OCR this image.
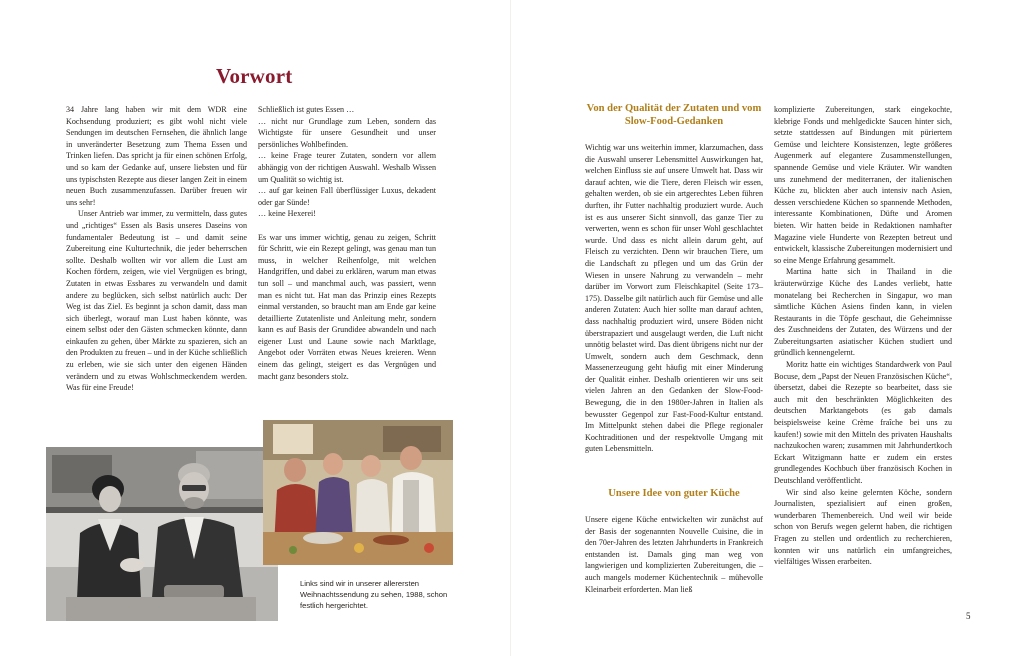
Vorwort

34 Jahre lang haben wir mit dem WDR eine Kochsendung produziert; es gibt wohl nicht viele Sendungen im deutschen Fernsehen, die ähnlich lange in unveränderter Besetzung zum Thema Essen und Trinken liefen. Das spricht ja für einen schönen Erfolg, und so kam der Gedanke auf, unsere liebsten und für uns typischsten Rezepte aus dieser langen Zeit in einem neuen Buch zusammenzufassen. Darüber freuen wir uns sehr!

Unser Antrieb war immer, zu vermitteln, dass gutes und „richtiges“ Essen als Basis unseres Daseins von fundamentaler Bedeutung ist – und damit seine Zubereitung eine Kulturtechnik, die jeder beherrschen sollte. Deshalb wollten wir vor allem die Lust am Kochen fördern, zeigen, wie viel Vergnügen es bringt, Zutaten in etwas Essbares zu verwandeln und damit andere zu beglücken, sich selbst natürlich auch: Der Weg ist das Ziel. Es beginnt ja schon damit, dass man sich überlegt, worauf man Lust haben könnte, was einem selbst oder den Gästen schmecken könnte, dann einkaufen zu gehen, über Märkte zu spazieren, sich an den Produkten zu freuen – und in der Küche schließlich zu erleben, wie sie sich unter den eigenen Händen verändern und zu etwas Wohlschmeckendem werden. Was für eine Freude!

Schließlich ist gutes Essen …

… nicht nur Grundlage zum Leben, sondern das Wichtigste für unsere Gesundheit und unser persönliches Wohlbefinden.

… keine Frage teurer Zutaten, sondern vor allem abhängig von der richtigen Auswahl. Weshalb Wissen um Qualität so wichtig ist.

… auf gar keinen Fall überflüssiger Luxus, dekadent oder gar Sünde!

… keine Hexerei!

Es war uns immer wichtig, genau zu zeigen, Schritt für Schritt, wie ein Rezept gelingt, was genau man tun muss, in welcher Reihenfolge, mit welchen Handgriffen, und dabei zu erklären, warum man etwas tun soll – und manchmal auch, was passiert, wenn man es nicht tut. Hat man das Prinzip eines Rezepts einmal verstanden, so braucht man am Ende gar keine detaillierte Zutatenliste und Anleitung mehr, sondern kann es auf Basis der Grundidee abwandeln und nach eigener Lust und Laune sowie nach Marktlage, Angebot oder Vorräten etwas Neues kreieren. Wenn einem das gelingt, steigert es das Vergnügen und macht ganz besonders stolz.

Links sind wir in unserer allerersten Weihnachtssendung zu sehen, 1988, schon festlich hergerichtet.
Von der Qualität der Zutaten und vom Slow-Food-Gedanken

Wichtig war uns weiterhin immer, klarzumachen, dass die Auswahl unserer Lebensmittel Auswirkungen hat, welchen Einfluss sie auf unsere Umwelt hat. Dass wir darauf achten, wie die Tiere, deren Fleisch wir essen, gehalten werden, ob sie ein artgerechtes Leben führen durften, ihr Futter nachhaltig produziert wurde. Auch ist es aus unserer Sicht sinnvoll, das ganze Tier zu verwerten, wenn es schon für unser Wohl geschlachtet wurde. Und dass es nicht allein darum geht, auf Fleisch zu verzichten. Denn wir brauchen Tiere, um die Landschaft zu pflegen und um das Grün der Wiesen in unsere Nahrung zu verwandeln – mehr darüber im Vorwort zum Fleischkapitel (Seite 173–175). Dasselbe gilt natürlich auch für Gemüse und alle anderen Zutaten: Auch hier sollte man darauf achten, dass nachhaltig produziert wird, unsere Böden nicht überstrapaziert und ausgelaugt werden, die Luft nicht unnötig belastet wird. Das dient übrigens nicht nur der Umwelt, sondern auch dem Geschmack, denn Massenerzeugung geht häufig mit einer Minderung der Qualität einher. Deshalb orientieren wir uns seit vielen Jahren an den Gedanken der Slow-Food-Bewegung, die in den 1980er-Jahren in Italien als bewusster Gegenpol zur Fast-Food-Kultur entstand. Im Mittelpunkt stehen dabei die Pflege regionaler Kochtraditionen und der respektvolle Umgang mit guten Lebensmitteln.

Unsere Idee von guter Küche

Unsere eigene Küche entwickelten wir zunächst auf der Basis der sogenannten Nouvelle Cuisine, die in den 70er-Jahren des letzten Jahrhunderts in Frankreich entstanden ist. Damals ging man weg von langwierigen und komplizierten Zubereitungen, die – auch mangels moderner Küchentechnik – mühevolle Kleinarbeit erforderten. Man ließ

komplizierte Zubereitungen, stark eingekochte, klebrige Fonds und mehlgedickte Saucen hinter sich, setzte stattdessen auf Bindungen mit püriertem Gemüse und leichtere Konsistenzen, legte größeres Augenmerk auf elegantere Zusammenstellungen, spannende Gemüse und viele Kräuter. Wir wandten uns zunehmend der mediterranen, der italienischen Küche zu, blickten aber auch intensiv nach Asien, dessen verschiedene Küchen so spannende Methoden, interessante Kombinationen, Düfte und Aromen bieten. Wir hatten beide in Redaktionen namhafter Magazine viele Hunderte von Rezepten betreut und entwickelt, klassische Zubereitungen modernisiert und so eine Menge Erfahrung gesammelt.

Martina hatte sich in Thailand in die kräuterwürzige Küche des Landes verliebt, hatte monatelang bei Recherchen in Singapur, wo man sämtliche Küchen Asiens finden kann, in vielen Restaurants in die Töpfe geschaut, die Geheimnisse des Zuschneidens der Zutaten, des Würzens und der Zubereitungsarten asiatischer Küchen studiert und gründlich kennengelernt.

Moritz hatte ein wichtiges Standardwerk von Paul Bocuse, dem „Papst der Neuen Französischen Küche“, übersetzt, dabei die Rezepte so bearbeitet, dass sie auch mit den beschränkten Möglichkeiten des deutschen Marktangebots (es gab damals beispielsweise keine Crème fraîche bei uns zu kaufen!) sowie mit den Mitteln des privaten Haushalts nachzukochen waren; zusammen mit Jahrhundertkoch Eckart Witzigmann hatte er zudem ein erstes grundlegendes Kochbuch über französisch Kochen in Deutschland veröffentlicht.

Wir sind also keine gelernten Köche, sondern Journalisten, spezialisiert auf einen großen, wunderbaren Themenbereich. Und weil wir beide schon von Berufs wegen gelernt haben, die richtigen Fragen zu stellen und ordentlich zu recherchieren, konnten wir uns natürlich ein umfangreiches, vielfältiges Wissen erarbeiten.

5
